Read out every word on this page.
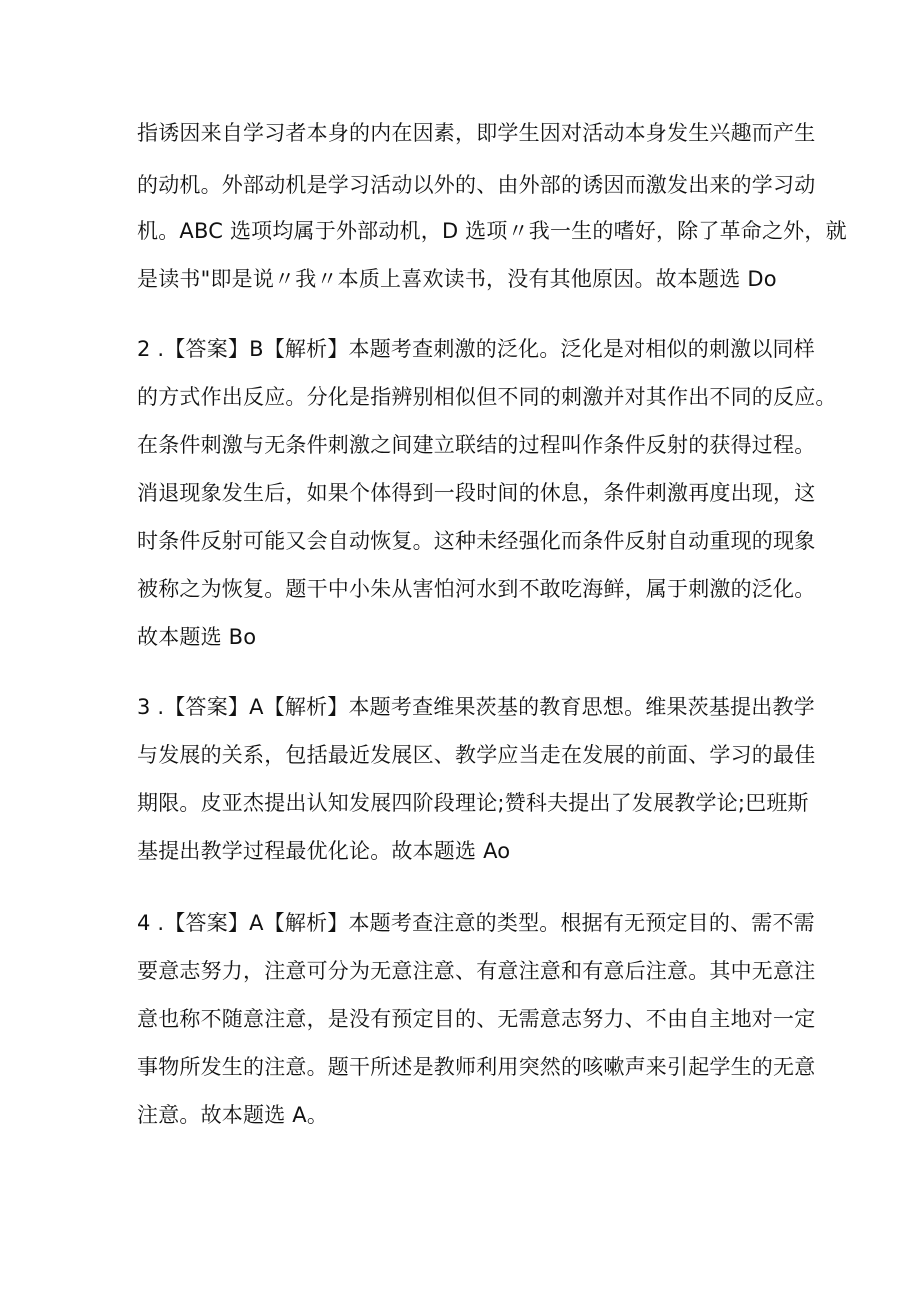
指诱因来自学习者本身的内在因素，即学生因对活动本身发生兴趣而产生
的动机。外部动机是学习活动以外的、由外部的诱因而激发出来的学习动
机。ABC 选项均属于外部动机，D 选项〃我一生的嗜好，除了革命之外，就
是读书"即是说〃我〃本质上喜欢读书，没有其他原因。故本题选 Do
2 .【答案】B【解析】本题考查刺激的泛化。泛化是对相似的刺激以同样
的方式作出反应。分化是指辨别相似但不同的刺激并对其作出不同的反应。
在条件刺激与无条件刺激之间建立联结的过程叫作条件反射的获得过程。
消退现象发生后，如果个体得到一段时间的休息，条件刺激再度出现，这
时条件反射可能又会自动恢复。这种未经强化而条件反射自动重现的现象
被称之为恢复。题干中小朱从害怕河水到不敢吃海鲜，属于刺激的泛化。
故本题选 Bo
3 .【答案】A【解析】本题考查维果茨基的教育思想。维果茨基提出教学
与发展的关系，包括最近发展区、教学应当走在发展的前面、学习的最佳
期限。皮亚杰提出认知发展四阶段理论;赞科夫提出了发展教学论;巴班斯
基提出教学过程最优化论。故本题选 Ao
4 .【答案】A【解析】本题考查注意的类型。根据有无预定目的、需不需
要意志努力，注意可分为无意注意、有意注意和有意后注意。其中无意注
意也称不随意注意，是没有预定目的、无需意志努力、不由自主地对一定
事物所发生的注意。题干所述是教师利用突然的咳嗽声来引起学生的无意
注意。故本题选 A。
